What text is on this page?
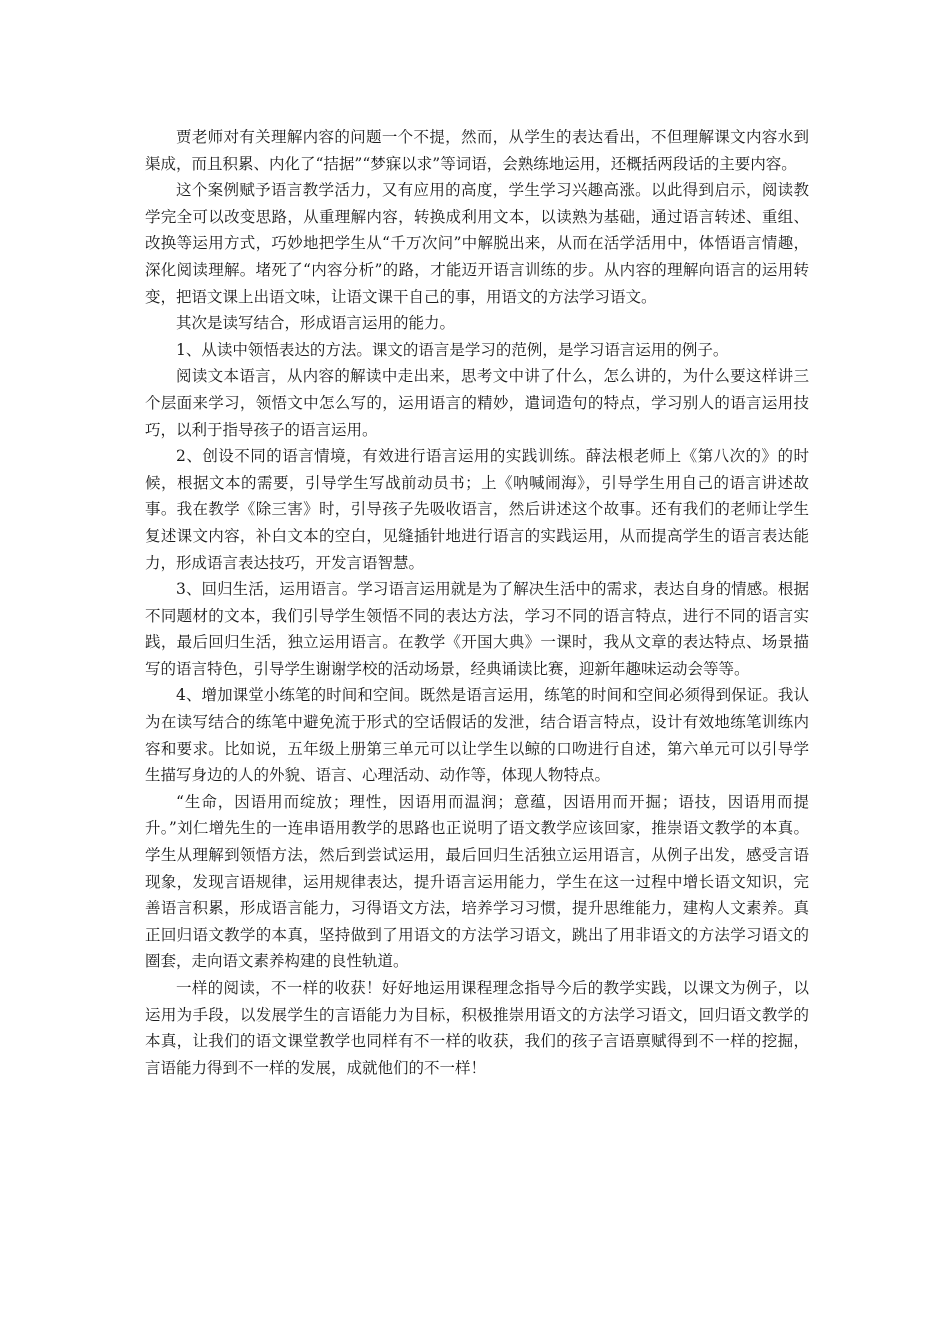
贾老师对有关理解内容的问题一个不提，然而，从学生的表达看出，不但理解课文内容水到渠成，而且积累、内化了“拮据”“梦寐以求”等词语，会熟练地运用，还概括两段话的主要内容。

这个案例赋予语言教学活力，又有应用的高度，学生学习兴趣高涨。以此得到启示，阅读教学完全可以改变思路，从重理解内容，转换成利用文本，以读熟为基础，通过语言转述、重组、改换等运用方式，巧妙地把学生从“千万次问”中解脱出来，从而在活学活用中，体悟语言情趣，深化阅读理解。堵死了“内容分析”的路，才能迈开语言训练的步。从内容的理解向语言的运用转变，把语文课上出语文味，让语文课干自己的事，用语文的方法学习语文。

其次是读写结合，形成语言运用的能力。

1、从读中领悟表达的方法。课文的语言是学习的范例，是学习语言运用的例子。

阅读文本语言，从内容的解读中走出来，思考文中讲了什么，怎么讲的，为什么要这样讲三个层面来学习，领悟文中怎么写的，运用语言的精妙，遣词造句的特点，学习别人的语言运用技巧，以利于指导孩子的语言运用。

2、创设不同的语言情境，有效进行语言运用的实践训练。薛法根老师上《第八次的》的时候，根据文本的需要，引导学生写战前动员书；上《呐喊闹海》，引导学生用自己的语言讲述故事。我在教学《除三害》时，引导孩子先吸收语言，然后讲述这个故事。还有我们的老师让学生复述课文内容，补白文本的空白，见缝插针地进行语言的实践运用，从而提高学生的语言表达能力，形成语言表达技巧，开发言语智慧。

3、回归生活，运用语言。学习语言运用就是为了解决生活中的需求，表达自身的情感。根据不同题材的文本，我们引导学生领悟不同的表达方法，学习不同的语言特点，进行不同的语言实践，最后回归生活，独立运用语言。在教学《开国大典》一课时，我从文章的表达特点、场景描写的语言特色，引导学生谢谢学校的活动场景，经典诵读比赛，迎新年趣味运动会等等。

4、增加课堂小练笔的时间和空间。既然是语言运用，练笔的时间和空间必须得到保证。我认为在读写结合的练笔中避免流于形式的空话假话的发泄，结合语言特点，设计有效地练笔训练内容和要求。比如说，五年级上册第三单元可以让学生以鲸的口吻进行自述，第六单元可以引导学生描写身边的人的外貌、语言、心理活动、动作等，体现人物特点。

“生命，因语用而绽放；理性，因语用而温润；意蕴，因语用而开掘；语技，因语用而提升。”刘仁增先生的一连串语用教学的思路也正说明了语文教学应该回家，推崇语文教学的本真。学生从理解到领悟方法，然后到尝试运用，最后回归生活独立运用语言，从例子出发，感受言语现象，发现言语规律，运用规律表达，提升语言运用能力，学生在这一过程中增长语文知识，完善语言积累，形成语言能力，习得语文方法，培养学习习惯，提升思维能力，建构人文素养。真正回归语文教学的本真，坚持做到了用语文的方法学习语文，跳出了用非语文的方法学习语文的圈套，走向语文素养构建的良性轨道。

一样的阅读，不一样的收获！好好地运用课程理念指导今后的教学实践，以课文为例子，以运用为手段，以发展学生的言语能力为目标，积极推崇用语文的方法学习语文，回归语文教学的本真，让我们的语文课堂教学也同样有不一样的收获，我们的孩子言语禀赋得到不一样的挖掘，言语能力得到不一样的发展，成就他们的不一样！
